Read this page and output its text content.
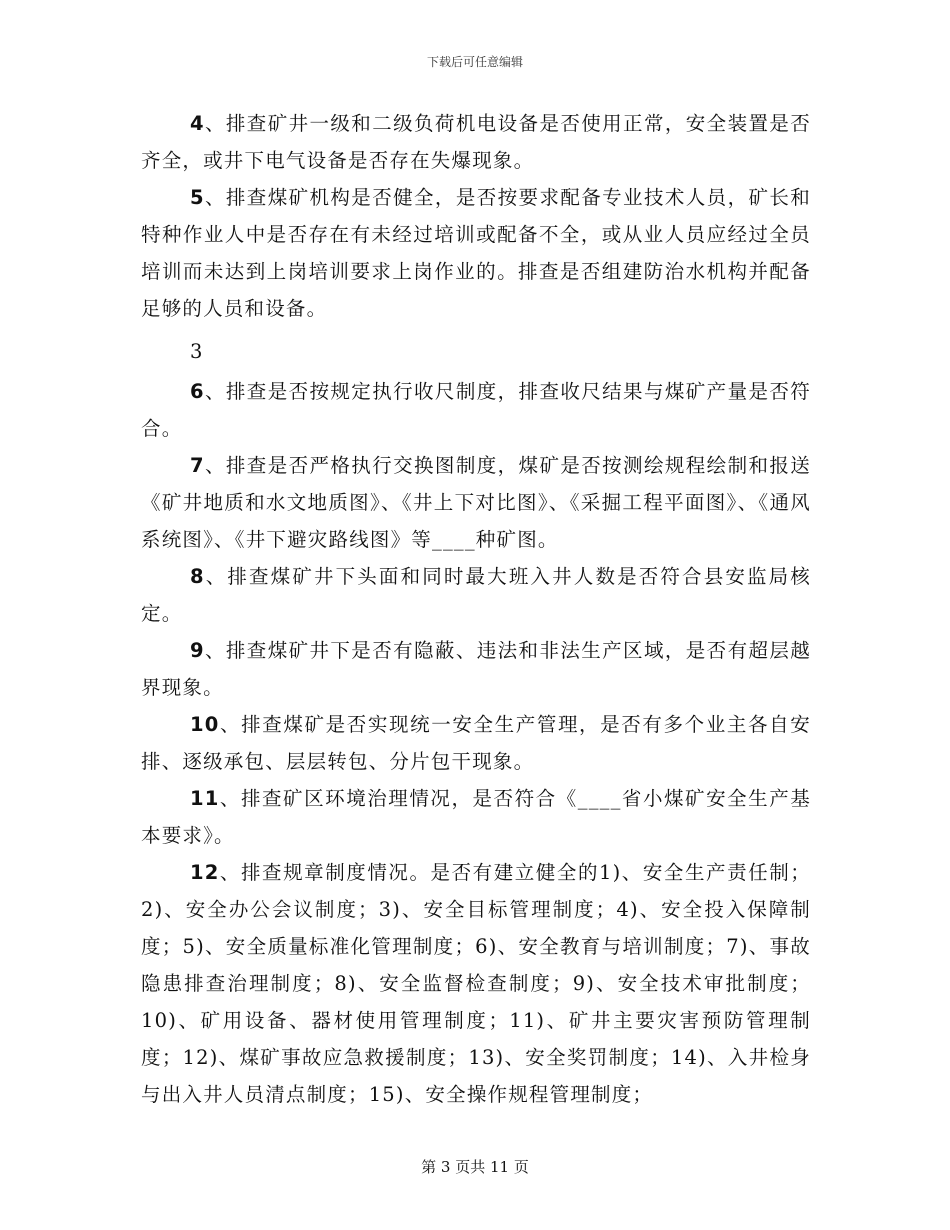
下载后可任意编辑

4、排查矿井一级和二级负荷机电设备是否使用正常，安全装置是否齐全，或井下电气设备是否存在失爆现象。

5、排查煤矿机构是否健全，是否按要求配备专业技术人员，矿长和特种作业人中是否存在有未经过培训或配备不全，或从业人员应经过全员培训而未达到上岗培训要求上岗作业的。排查是否组建防治水机构并配备足够的人员和设备。

3

6、排查是否按规定执行收尺制度，排查收尺结果与煤矿产量是否符合。

7、排查是否严格执行交换图制度，煤矿是否按测绘规程绘制和报送《矿井地质和水文地质图》、《井上下对比图》、《采掘工程平面图》、《通风系统图》、《井下避灾路线图》等____种矿图。

8、排查煤矿井下头面和同时最大班入井人数是否符合县安监局核定。

9、排查煤矿井下是否有隐蔽、违法和非法生产区域，是否有超层越界现象。

10、排查煤矿是否实现统一安全生产管理，是否有多个业主各自安排、逐级承包、层层转包、分片包干现象。

11、排查矿区环境治理情况，是否符合《____省小煤矿安全生产基本要求》。

12、排查规章制度情况。是否有建立健全的1)、安全生产责任制；2)、安全办公会议制度；3)、安全目标管理制度；4)、安全投入保障制度；5)、安全质量标准化管理制度；6)、安全教育与培训制度；7)、事故隐患排查治理制度；8)、安全监督检查制度；9)、安全技术审批制度；10)、矿用设备、器材使用管理制度；11)、矿井主要灾害预防管理制度；12)、煤矿事故应急救援制度；13)、安全奖罚制度；14)、入井检身与出入井人员清点制度；15)、安全操作规程管理制度；

第 3 页共 11 页
